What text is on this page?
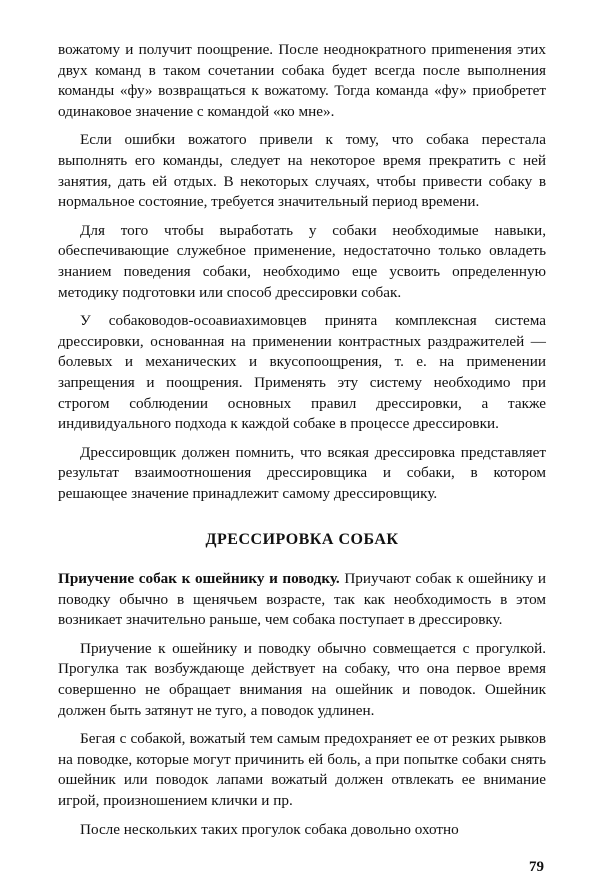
вожатому и получит поощрение. После неоднократного приmенения этих двух команд в таком сочетании собака будет всегда после выполнения команды «фу» возвращаться к вожатому. Тогда команда «фу» приобретет одинаковое значение с командой «ко мне».

Если ошибки вожатого привели к тому, что собака перестала выполнять его команды, следует на некоторое время прекратить с ней занятия, дать ей отдых. В некоторых случаях, чтобы привести собаку в нормальное состояние, требуется значительный период времени.

Для того чтобы выработать у собаки необходимые навыки, обеспечивающие служебное применение, недостаточно только овладеть знанием поведения собаки, необходимо еще усвоить определенную методику подготовки или способ дрессировки собак.

У собаководов-осоавиахимовцев принята комплексная система дрессировки, основанная на применении контрастных раздражителей — болевых и механических и вкусопоощрения, т. е. на применении запрещения и поощрения. Применять эту систему необходимо при строгом соблюдении основных правил дрессировки, а также индивидуального подхода к каждой собаке в процессе дрессировки.

Дрессировщик должен помнить, что всякая дрессировка представляет результат взаимоотношения дрессировщика и собаки, в котором решающее значение принадлежит самому дрессировщику.

ДРЕССИРОВКА СОБАК

Приучение собак к ошейнику и поводку. Приучают собак к ошейнику и поводку обычно в щенячьем возрасте, так как необходимость в этом возникает значительно раньше, чем собака поступает в дрессировку.

Приучение к ошейнику и поводку обычно совмещается с прогулкой. Прогулка так возбуждающе действует на собаку, что она первое время совершенно не обращает внимания на ошейник и поводок. Ошейник должен быть затянут не туго, а поводок удлинен.

Бегая с собакой, вожатый тем самым предохраняет ее от резких рывков на поводке, которые могут причинить ей боль, а при попытке собаки снять ошейник или поводок лапами вожатый должен отвлекать ее внимание игрой, произношением клички и пр.

После нескольких таких прогулок собака довольно охотно

79
